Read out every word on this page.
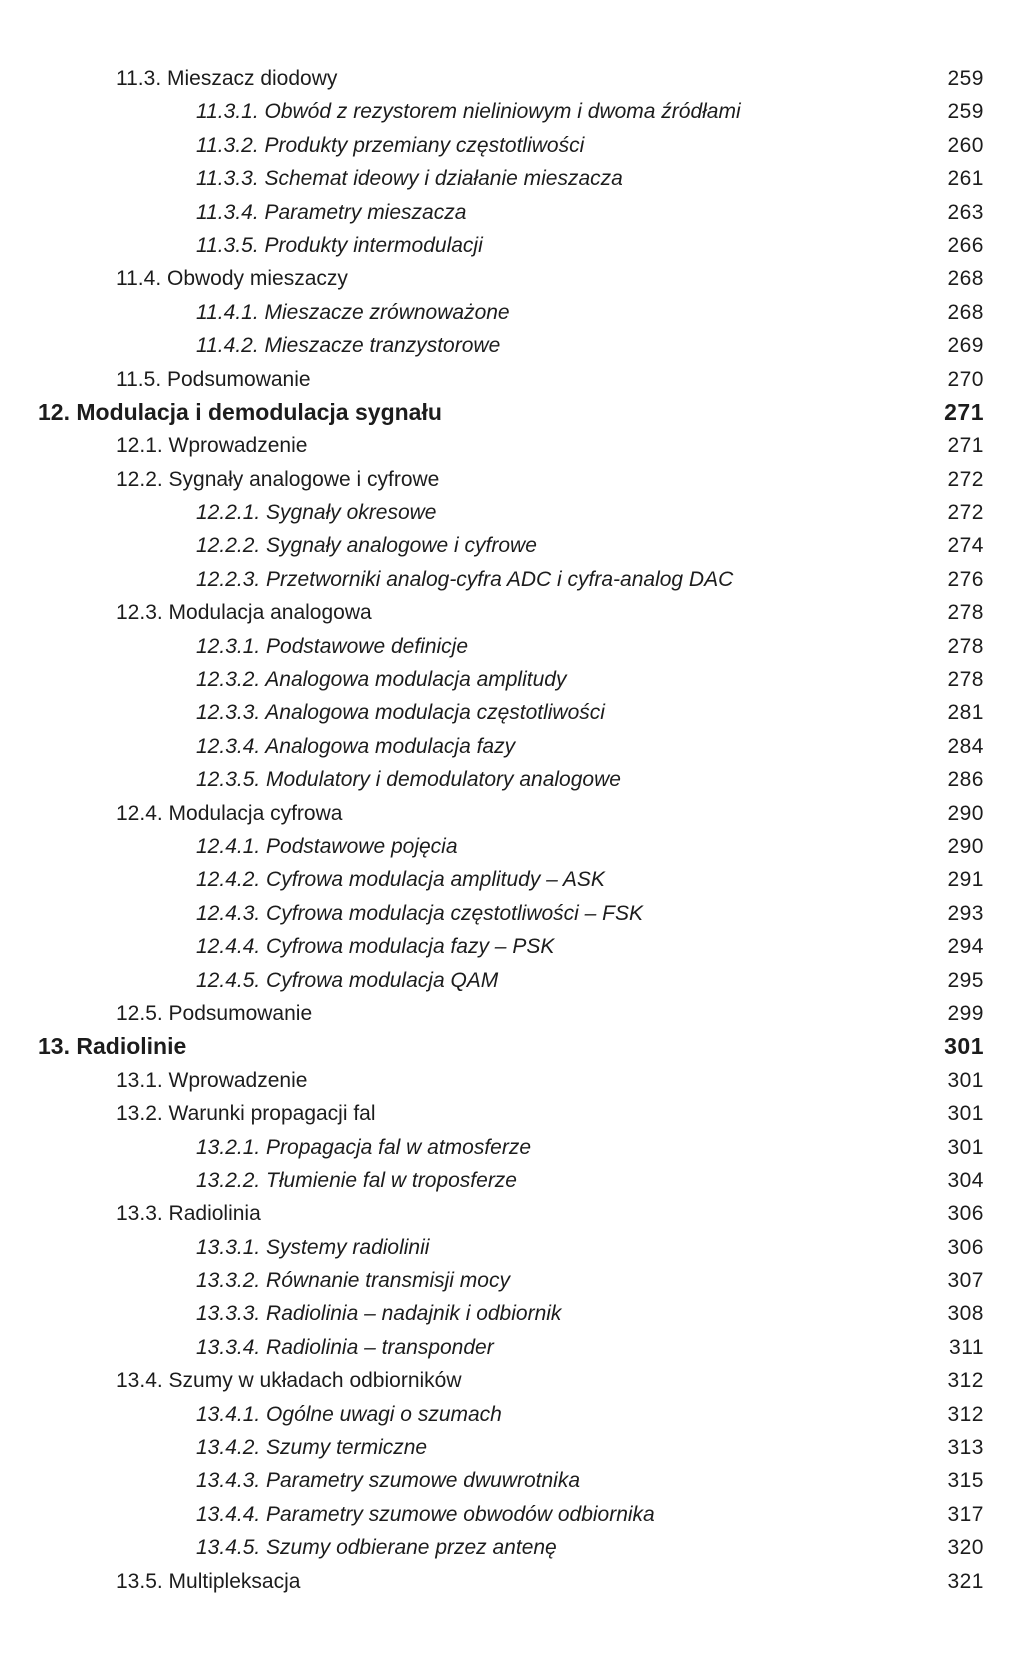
11.3. Mieszacz diodowy	259
11.3.1. Obwód z rezystorem nieliniowym i dwoma źródłami	259
11.3.2. Produkty przemiany częstotliwości	260
11.3.3. Schemat ideowy i działanie mieszacza	261
11.3.4. Parametry mieszacza	263
11.3.5. Produkty intermodulacji	266
11.4. Obwody mieszaczy	268
11.4.1. Mieszacze zrównoważone	268
11.4.2. Mieszacze tranzystorowe	269
11.5. Podsumowanie	270
12. Modulacja i demodulacja sygnału	271
12.1. Wprowadzenie	271
12.2. Sygnały analogowe i cyfrowe	272
12.2.1. Sygnały okresowe	272
12.2.2. Sygnały analogowe i cyfrowe	274
12.2.3. Przetworniki analog-cyfra ADC i cyfra-analog DAC	276
12.3. Modulacja analogowa	278
12.3.1. Podstawowe definicje	278
12.3.2. Analogowa modulacja amplitudy	278
12.3.3. Analogowa modulacja częstotliwości	281
12.3.4. Analogowa modulacja fazy	284
12.3.5. Modulatory i demodulatory analogowe	286
12.4. Modulacja cyfrowa	290
12.4.1. Podstawowe pojęcia	290
12.4.2. Cyfrowa modulacja amplitudy – ASK	291
12.4.3. Cyfrowa modulacja częstotliwości – FSK	293
12.4.4. Cyfrowa modulacja fazy – PSK	294
12.4.5. Cyfrowa modulacja QAM	295
12.5. Podsumowanie	299
13. Radiolinie	301
13.1. Wprowadzenie	301
13.2. Warunki propagacji fal	301
13.2.1. Propagacja fal w atmosferze	301
13.2.2. Tłumienie fal w troposferze	304
13.3. Radiolinia	306
13.3.1. Systemy radiolinii	306
13.3.2. Równanie transmisji mocy	307
13.3.3. Radiolinia – nadajnik i odbiornik	308
13.3.4. Radiolinia – transponder	311
13.4. Szumy w układach odbiorników	312
13.4.1. Ogólne uwagi o szumach	312
13.4.2. Szumy termiczne	313
13.4.3. Parametry szumowe dwuwrotnika	315
13.4.4. Parametry szumowe obwodów odbiornika	317
13.4.5. Szumy odbierane przez antenę	320
13.5. Multipleksacja	321
